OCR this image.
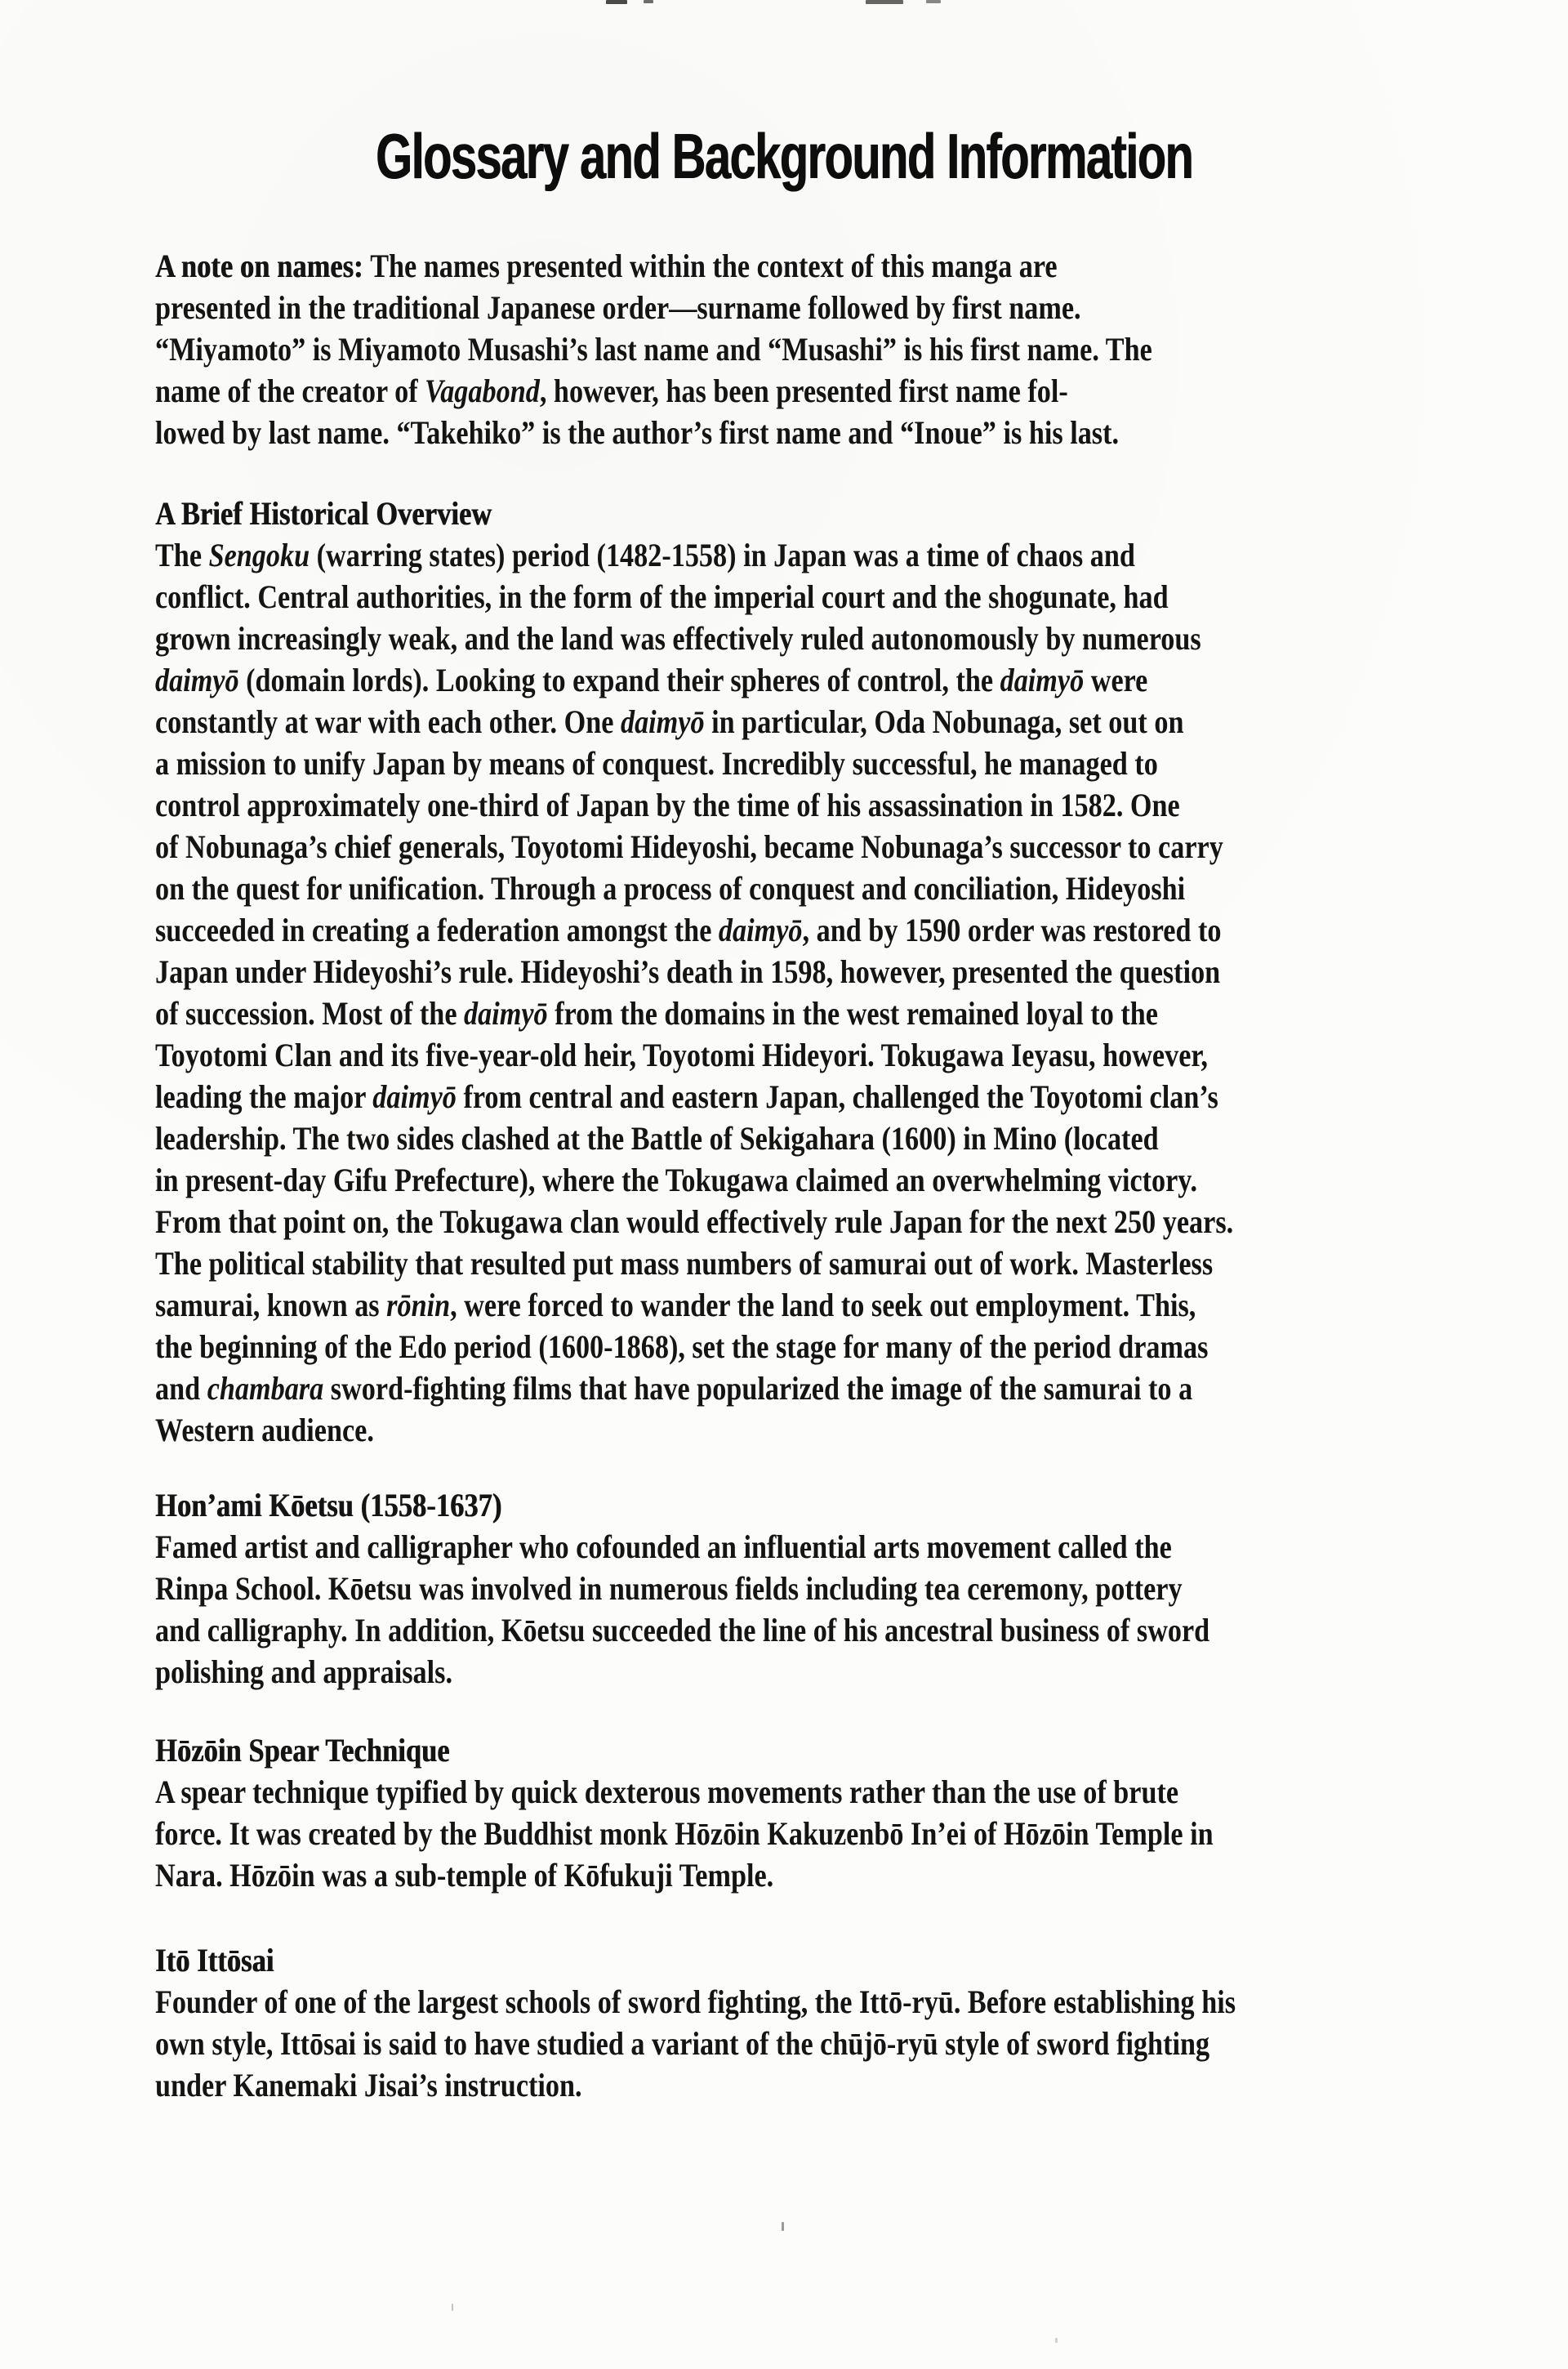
Glossary and Background Information
A note on names: The names presented within the context of this manga are
presented in the traditional Japanese order—surname followed by first name.
“Miyamoto” is Miyamoto Musashi’s last name and “Musashi” is his first name. The
name of the creator of Vagabond, however, has been presented first name fol-
lowed by last name. “Takehiko” is the author’s first name and “Inoue” is his last.
A Brief Historical Overview
The Sengoku (warring states) period (1482-1558) in Japan was a time of chaos and
conflict. Central authorities, in the form of the imperial court and the shogunate, had
grown increasingly weak, and the land was effectively ruled autonomously by numerous
daimyō (domain lords). Looking to expand their spheres of control, the daimyō were
constantly at war with each other. One daimyō in particular, Oda Nobunaga, set out on
a mission to unify Japan by means of conquest. Incredibly successful, he managed to
control approximately one-third of Japan by the time of his assassination in 1582. One
of Nobunaga’s chief generals, Toyotomi Hideyoshi, became Nobunaga’s successor to carry
on the quest for unification. Through a process of conquest and conciliation, Hideyoshi
succeeded in creating a federation amongst the daimyō, and by 1590 order was restored to
Japan under Hideyoshi’s rule. Hideyoshi’s death in 1598, however, presented the question
of succession. Most of the daimyō from the domains in the west remained loyal to the
Toyotomi Clan and its five-year-old heir, Toyotomi Hideyori. Tokugawa Ieyasu, however,
leading the major daimyō from central and eastern Japan, challenged the Toyotomi clan’s
leadership. The two sides clashed at the Battle of Sekigahara (1600) in Mino (located
in present-day Gifu Prefecture), where the Tokugawa claimed an overwhelming victory.
From that point on, the Tokugawa clan would effectively rule Japan for the next 250 years.
The political stability that resulted put mass numbers of samurai out of work. Masterless
samurai, known as rōnin, were forced to wander the land to seek out employment. This,
the beginning of the Edo period (1600-1868), set the stage for many of the period dramas
and chambara sword-fighting films that have popularized the image of the samurai to a
Western audience.
Hon’ami Kōetsu (1558-1637)
Famed artist and calligrapher who cofounded an influential arts movement called the
Rinpa School. Kōetsu was involved in numerous fields including tea ceremony, pottery
and calligraphy. In addition, Kōetsu succeeded the line of his ancestral business of sword
polishing and appraisals.
Hōzōin Spear Technique
A spear technique typified by quick dexterous movements rather than the use of brute
force. It was created by the Buddhist monk Hōzōin Kakuzenbō In’ei of Hōzōin Temple in
Nara. Hōzōin was a sub-temple of Kōfukuji Temple.
Itō Ittōsai
Founder of one of the largest schools of sword fighting, the Ittō-ryū. Before establishing his
own style, Ittōsai is said to have studied a variant of the chūjō-ryū style of sword fighting
under Kanemaki Jisai’s instruction.
